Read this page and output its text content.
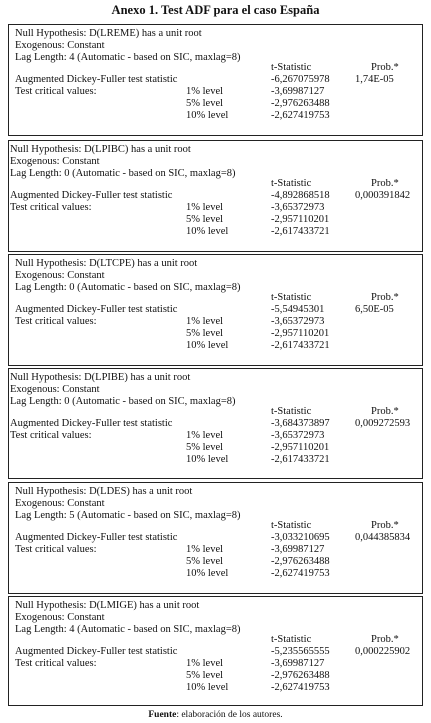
Anexo 1. Test ADF para el caso España
Null Hypothesis: D(LREME) has a unit root
Exogenous: Constant
Lag Length: 4 (Automatic - based on SIC, maxlag=8)
t-Statistic	Prob.*
Augmented Dickey-Fuller test statistic	-6,267075978 1,74E-05
Test critical values:	1% level	-3,69987127
5% level	-2,976263488
10% level	-2,627419753
Null Hypothesis: D(LPIBC) has a unit root
Exogenous: Constant
Lag Length: 0 (Automatic - based on SIC, maxlag=8)
t-Statistic	Prob.*
Augmented Dickey-Fuller test statistic	-4,892868518 0,000391842
Test critical values:	1% level	-3,65372973
5% level	-2,957110201
10% level	-2,617433721
Null Hypothesis: D(LTCPE) has a unit root
Exogenous: Constant
Lag Length: 0 (Automatic - based on SIC, maxlag=8)
t-Statistic	Prob.*
Augmented Dickey-Fuller test statistic	-5,54945301	6,50E-05
Test critical values:	1% level	-3,65372973
5% level	-2,957110201
10% level	-2,617433721
Null Hypothesis: D(LPIBE) has a unit root
Exogenous: Constant
Lag Length: 0 (Automatic - based on SIC, maxlag=8)
t-Statistic	Prob.*
Augmented Dickey-Fuller test statistic	-3,684373897 0,009272593
Test critical values:	1% level	-3,65372973
5% level	-2,957110201
10% level	-2,617433721
Null Hypothesis: D(LDES) has a unit root
Exogenous: Constant
Lag Length: 5 (Automatic - based on SIC, maxlag=8)
t-Statistic	Prob.*
Augmented Dickey-Fuller test statistic	-3,033210695 0,044385834
Test critical values:	1% level	-3,69987127
5% level	-2,976263488
10% level	-2,627419753
Null Hypothesis: D(LMIGE) has a unit root
Exogenous: Constant
Lag Length: 4 (Automatic - based on SIC, maxlag=8)
t-Statistic	Prob.*
Augmented Dickey-Fuller test statistic	-5,235565555 0,000225902
Test critical values:	1% level	-3,69987127
5% level	-2,976263488
10% level	-2,627419753
Fuente: elaboración de los autores.
